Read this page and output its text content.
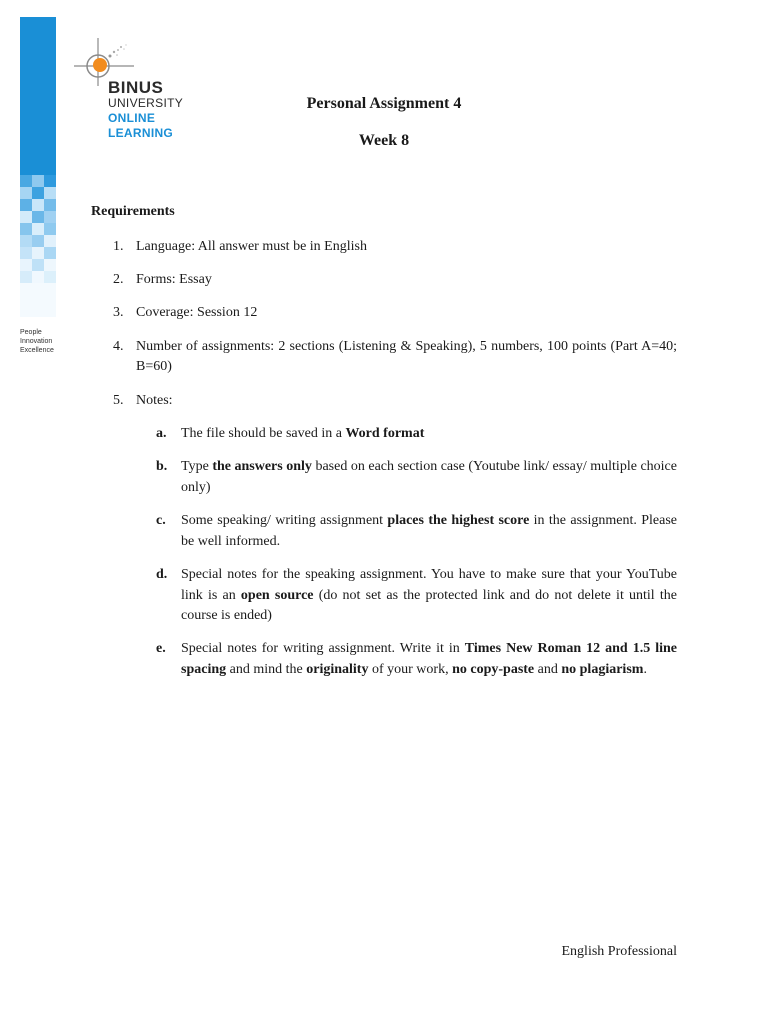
People
Innovation
Excellence
BINUS
UNIVERSITY
ONLINE
LEARNING
Personal Assignment 4
Week 8
Requirements
1. Language: All answer must be in English
2. Forms: Essay
3. Coverage: Session 12
4. Number of assignments: 2 sections (Listening & Speaking), 5 numbers, 100 points (Part A=40; B=60)
5. Notes:
a. The file should be saved in a Word format
b. Type the answers only based on each section case (Youtube link/ essay/ multiple choice only)
c. Some speaking/ writing assignment places the highest score in the assignment. Please be well informed.
d. Special notes for the speaking assignment. You have to make sure that your YouTube link is an open source (do not set as the protected link and do not delete it until the course is ended)
e. Special notes for writing assignment. Write it in Times New Roman 12 and 1.5 line spacing and mind the originality of your work, no copy-paste and no plagiarism.
English Professional
